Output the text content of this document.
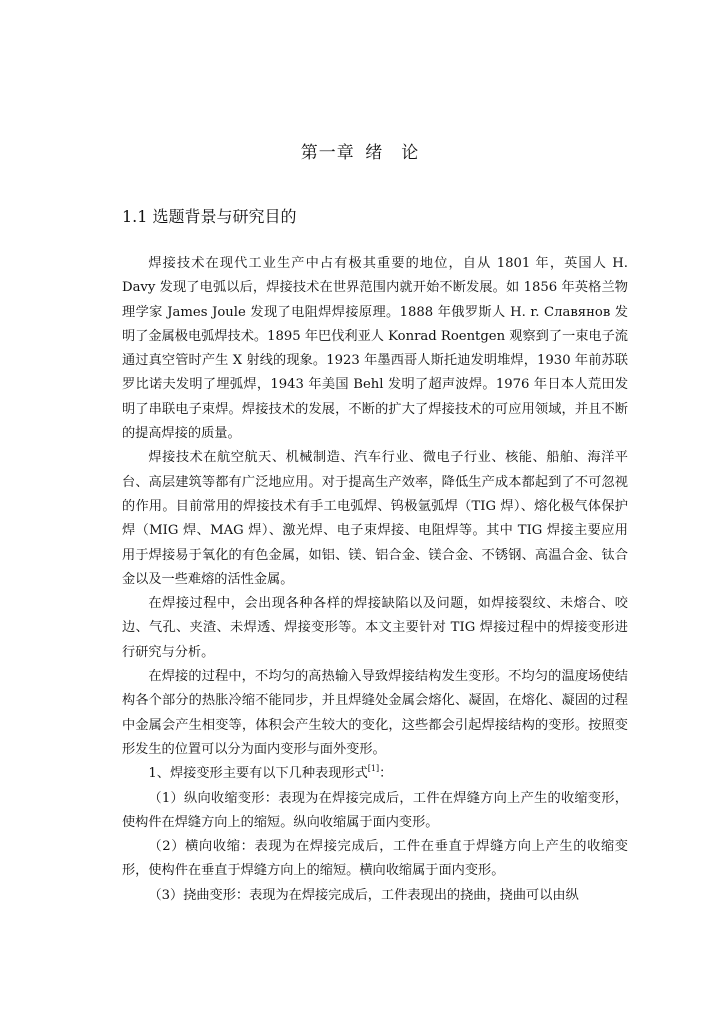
第一章 绪　论
1.1 选题背景与研究目的

焊接技术在现代工业生产中占有极其重要的地位，自从 1801 年，英国人 H. Davy 发现了电弧以后，焊接技术在世界范围内就开始不断发展。如 1856 年英格兰物理学家 James Joule 发现了电阻焊焊接原理。1888 年俄罗斯人 H. r. Славянов 发明了金属极电弧焊技术。1895 年巴伐利亚人 Konrad Roentgen 观察到了一束电子流通过真空管时产生 X 射线的现象。1923 年墨西哥人斯托迪发明堆焊，1930 年前苏联罗比诺夫发明了埋弧焊，1943 年美国 Behl 发明了超声波焊。1976 年日本人荒田发明了串联电子束焊。焊接技术的发展，不断的扩大了焊接技术的可应用领域，并且不断的提高焊接的质量。

焊接技术在航空航天、机械制造、汽车行业、微电子行业、核能、船舶、海洋平台、高层建筑等都有广泛地应用。对于提高生产效率，降低生产成本都起到了不可忽视的作用。目前常用的焊接技术有手工电弧焊、钨极氩弧焊（TIG 焊）、熔化极气体保护焊（MIG 焊、MAG 焊）、激光焊、电子束焊接、电阻焊等。其中 TIG 焊接主要应用用于焊接易于氧化的有色金属，如铝、镁、铝合金、镁合金、不锈钢、高温合金、钛合金以及一些难熔的活性金属。

在焊接过程中，会出现各种各样的焊接缺陷以及问题，如焊接裂纹、未熔合、咬边、气孔、夹渣、未焊透、焊接变形等。本文主要针对 TIG 焊接过程中的焊接变形进行研究与分析。

在焊接的过程中，不均匀的高热输入导致焊接结构发生变形。不均匀的温度场使结构各个部分的热胀冷缩不能同步，并且焊缝处金属会熔化、凝固，在熔化、凝固的过程中金属会产生相变等，体积会产生较大的变化，这些都会引起焊接结构的变形。按照变形发生的位置可以分为面内变形与面外变形。

1、焊接变形主要有以下几种表现形式[1]：

（1）纵向收缩变形：表现为在焊接完成后，工件在焊缝方向上产生的收缩变形，使构件在焊缝方向上的缩短。纵向收缩属于面内变形。

（2）横向收缩：表现为在焊接完成后，工件在垂直于焊缝方向上产生的收缩变形，使构件在垂直于焊缝方向上的缩短。横向收缩属于面内变形。

（3）挠曲变形：表现为在焊接完成后，工件表现出的挠曲，挠曲可以由纵
